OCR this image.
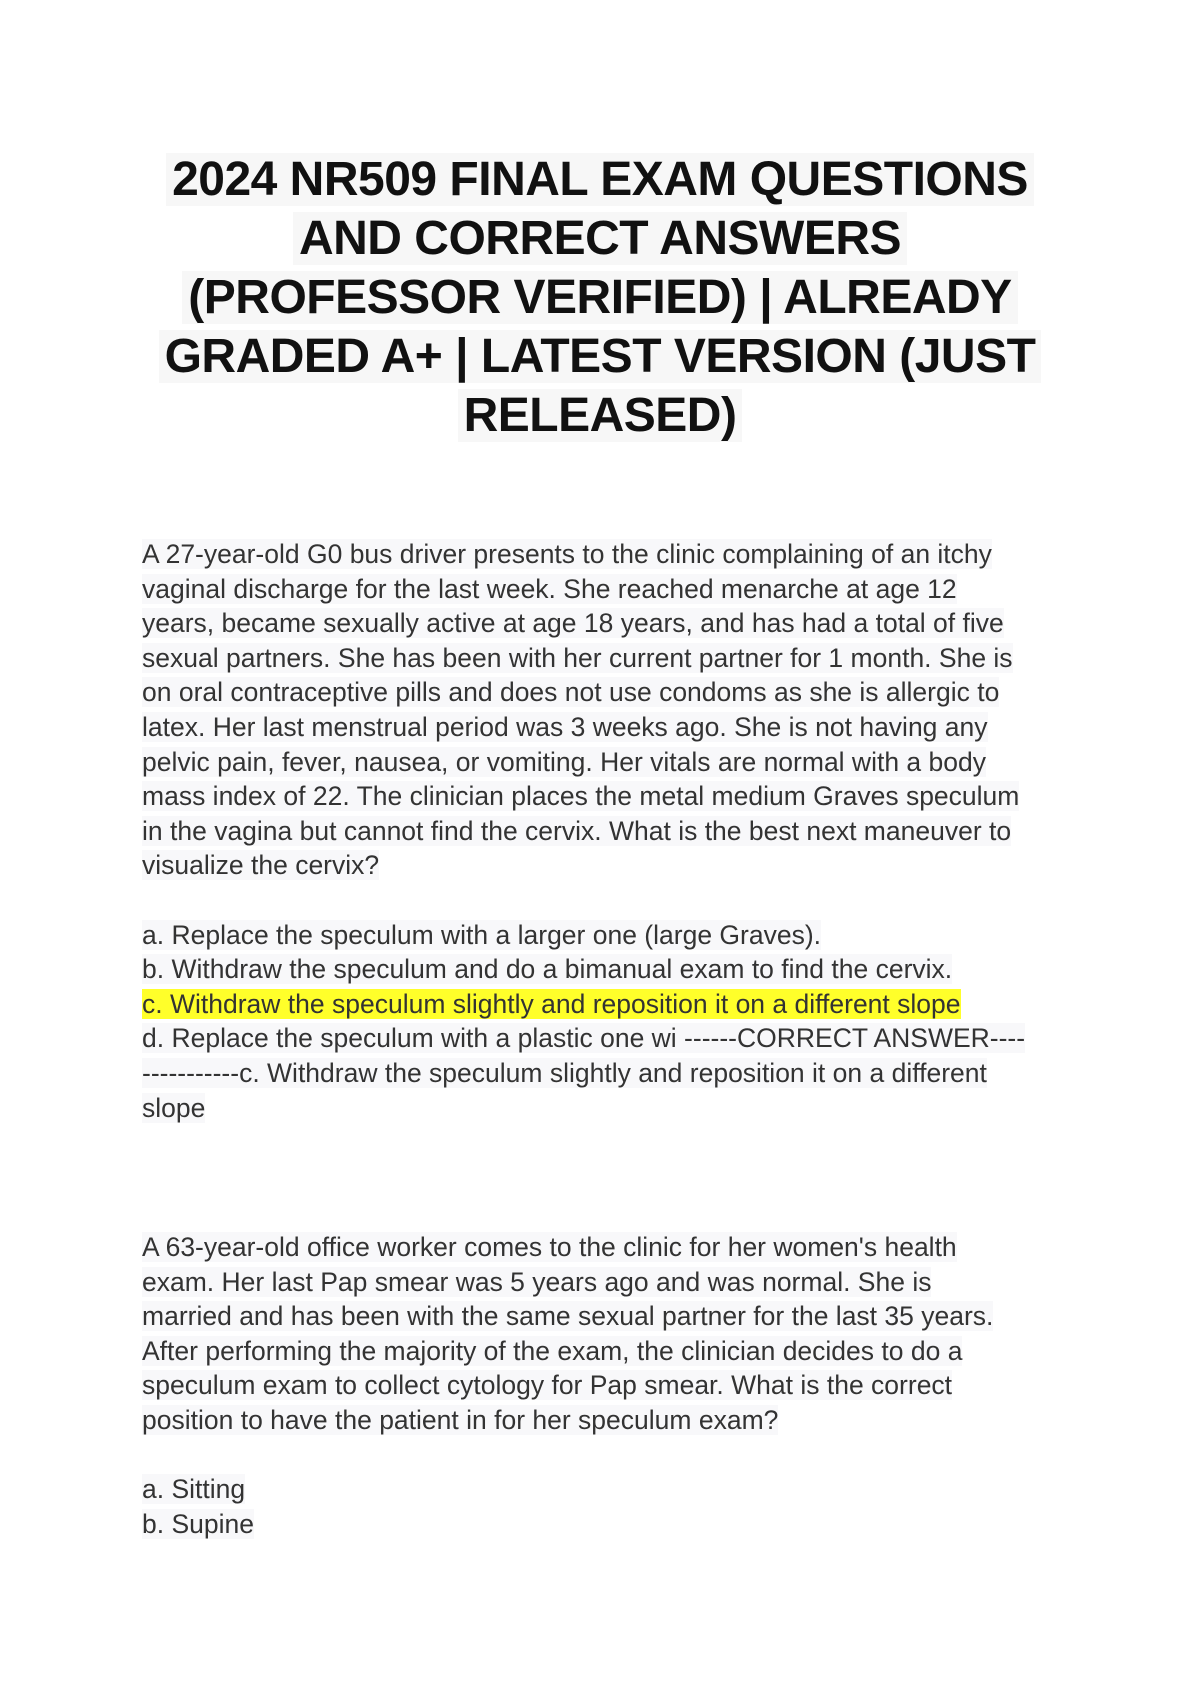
2024 NR509 FINAL EXAM QUESTIONS
AND CORRECT ANSWERS
(PROFESSOR VERIFIED) | ALREADY
GRADED A+ | LATEST VERSION (JUST
RELEASED)
A 27-year-old G0 bus driver presents to the clinic complaining of an itchy
vaginal discharge for the last week. She reached menarche at age 12
years, became sexually active at age 18 years, and has had a total of five
sexual partners. She has been with her current partner for 1 month. She is
on oral contraceptive pills and does not use condoms as she is allergic to
latex. Her last menstrual period was 3 weeks ago. She is not having any
pelvic pain, fever, nausea, or vomiting. Her vitals are normal with a body
mass index of 22. The clinician places the metal medium Graves speculum
in the vagina but cannot find the cervix. What is the best next maneuver to
visualize the cervix?
a. Replace the speculum with a larger one (large Graves).
b. Withdraw the speculum and do a bimanual exam to find the cervix.
c. Withdraw the speculum slightly and reposition it on a different slope
d. Replace the speculum with a plastic one wi ------CORRECT ANSWER----
-----------c. Withdraw the speculum slightly and reposition it on a different
slope
A 63-year-old office worker comes to the clinic for her women's health
exam. Her last Pap smear was 5 years ago and was normal. She is
married and has been with the same sexual partner for the last 35 years.
After performing the majority of the exam, the clinician decides to do a
speculum exam to collect cytology for Pap smear. What is the correct
position to have the patient in for her speculum exam?
a. Sitting
b. Supine
